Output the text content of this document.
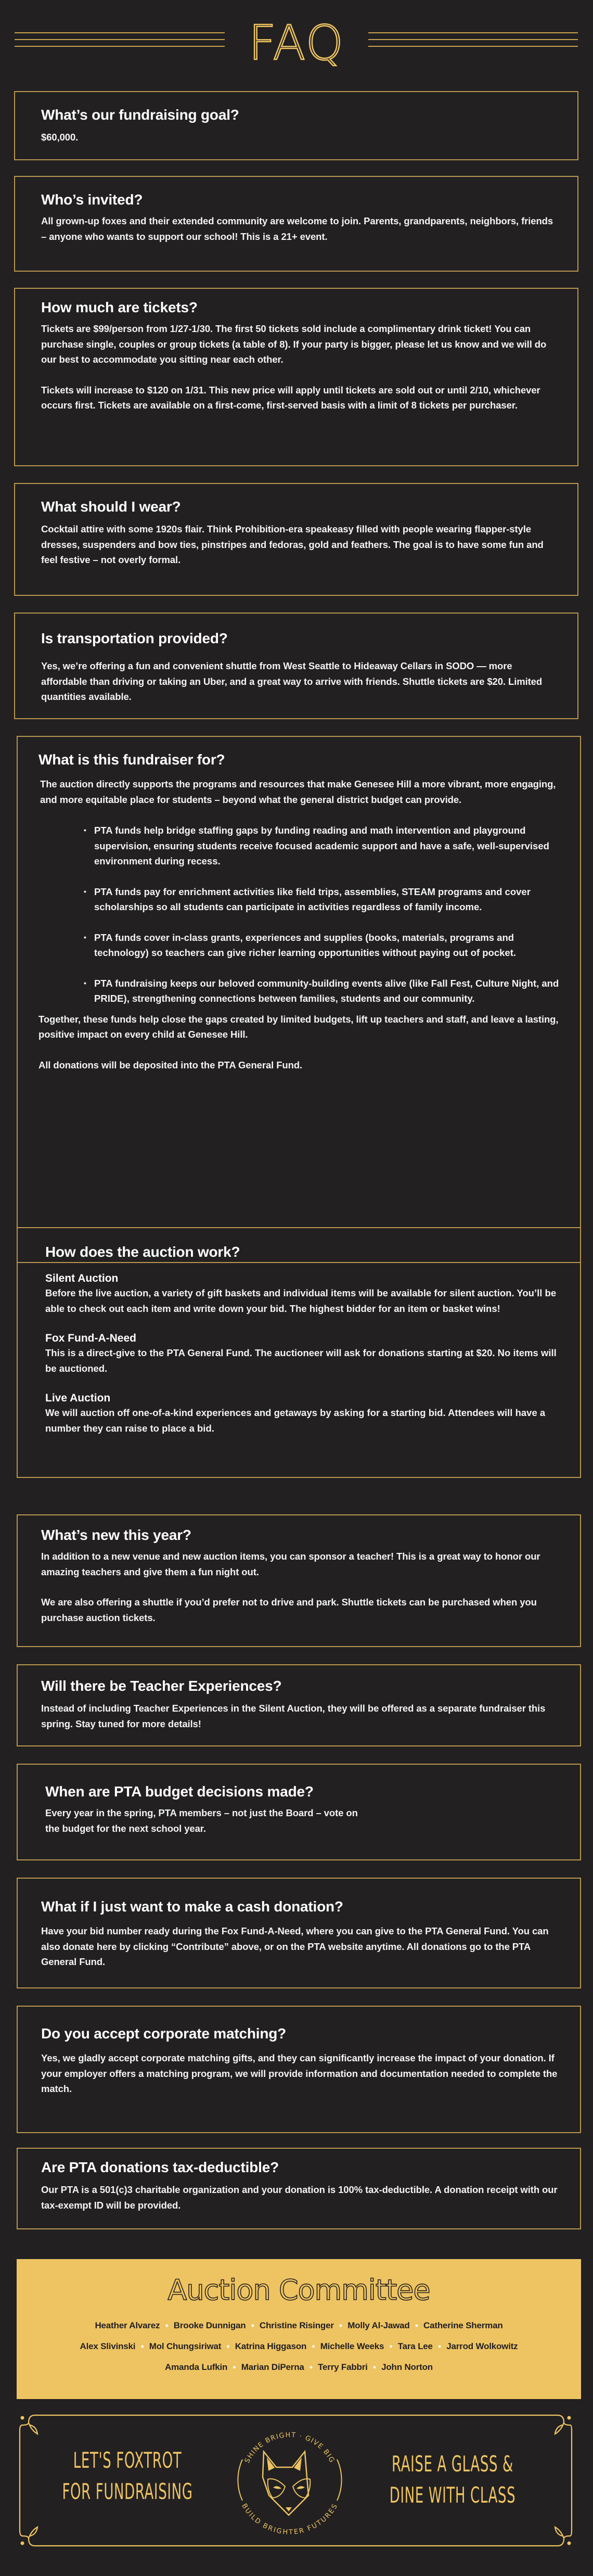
FAQ
What’s our fundraising goal?

$60,000.

Who’s invited?

All grown-up foxes and their extended community are welcome to join. Parents, grandparents, neighbors, friends – anyone who wants to support our school! This is a 21+ event.

How much are tickets?

Tickets are $99/person from 1/27-1/30. The first 50 tickets sold include a complimentary drink ticket! You can purchase single, couples or group tickets (a table of 8). If your party is bigger, please let us know and we will do our best to accommodate you sitting near each other.

Tickets will increase to $120 on 1/31. This new price will apply until tickets are sold out or until 2/10, whichever occurs first. Tickets are available on a first-come, first-served basis with a limit of 8 tickets per purchaser.

What should I wear?

Cocktail attire with some 1920s flair. Think Prohibition-era speakeasy filled with people wearing flapper-style dresses, suspenders and bow ties, pinstripes and fedoras, gold and feathers. The goal is to have some fun and feel festive – not overly formal.

Is transportation provided?

Yes, we’re offering a fun and convenient shuttle from West Seattle to Hideaway Cellars in SODO — more affordable than driving or taking an Uber, and a great way to arrive with friends. Shuttle tickets are $20. Limited quantities available.

What is this fundraiser for?

The auction directly supports the programs and resources that make Genesee Hill a more vibrant, more engaging, and more equitable place for students – beyond what the general district budget can provide.

• PTA funds help bridge staffing gaps by funding reading and math intervention and playground supervision, ensuring students receive focused academic support and have a safe, well-supervised environment during recess.
• PTA funds pay for enrichment activities like field trips, assemblies, STEAM programs and cover scholarships so all students can participate in activities regardless of family income.
• PTA funds cover in-class grants, experiences and supplies (books, materials, programs and technology) so teachers can give richer learning opportunities without paying out of pocket.
• PTA fundraising keeps our beloved community-building events alive (like Fall Fest, Culture Night, and PRIDE), strengthening connections between families, students and our community.

Together, these funds help close the gaps created by limited budgets, lift up teachers and staff, and leave a lasting, positive impact on every child at Genesee Hill.

All donations will be deposited into the PTA General Fund.

How does the auction work?
Silent Auction

Before the live auction, a variety of gift baskets and individual items will be available for silent auction. You’ll be able to check out each item and write down your bid. The highest bidder for an item or basket wins!

Fox Fund-A-Need

This is a direct-give to the PTA General Fund. The auctioneer will ask for donations starting at $20. No items will be auctioned.

Live Auction

We will auction off one-of-a-kind experiences and getaways by asking for a starting bid. Attendees will have a number they can raise to place a bid.

What’s new this year?

In addition to a new venue and new auction items, you can sponsor a teacher! This is a great way to honor our amazing teachers and give them a fun night out.

We are also offering a shuttle if you’d prefer not to drive and park. Shuttle tickets can be purchased when you purchase auction tickets.

Will there be Teacher Experiences?

Instead of including Teacher Experiences in the Silent Auction, they will be offered as a separate fundraiser this spring. Stay tuned for more details!

When are PTA budget decisions made?

Every year in the spring, PTA members – not just the Board – vote on
the budget for the next school year.

What if I just want to make a cash donation?

Have your bid number ready during the Fox Fund-A-Need, where you can give to the PTA General Fund. You can also donate here by clicking “Contribute” above, or on the PTA website anytime. All donations go to the PTA General Fund.

Do you accept corporate matching?

Yes, we gladly accept corporate matching gifts, and they can significantly increase the impact of your donation. If your employer offers a matching program, we will provide information and documentation needed to complete the match.

Are PTA donations tax-deductible?

Our PTA is a 501(c)3 charitable organization and your donation is 100% tax-deductible. A donation receipt with our tax-exempt ID will be provided.

Auction Committee
Heather Alvarez ● Brooke Dunnigan ● Christine Risinger ● Molly Al-Jawad ● Catherine Sherman
Alex Slivinski ● Mol Chungsiriwat ● Katrina Higgason ● Michelle Weeks ● Tara Lee ● Jarrod Wolkowitz
Amanda Lufkin ● Marian DiPerna ● Terry Fabbri ● John Norton
SHINE BRIGHT · GIVE BIG
BUILD BRIGHTER FUTURES
LET'S FOXTROT
FOR FUNDRAISING
RAISE A GLASS &
DINE WITH CLASS
